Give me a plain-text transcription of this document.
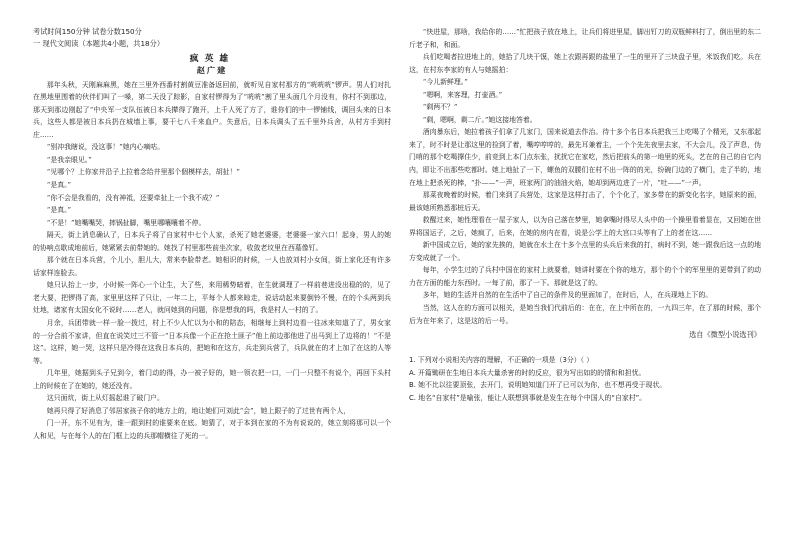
考试时间150分钟 试卷分数150分
一 现代文阅读（本题共4小题，共18分）
疯英雄
赵广建

那年头秋，天刚麻麻黑，她在三里外西番村割黄豆准备返回前，就听见自家村那方的“咣咣咣”锣声。男人们对扎在黑地里围着的伙伴们叫了一嗓，第二天没了踪影，自家村锣得为了“咣咣”割了里头面几个月没有，你村不到那边，那天到那边刚起了“中央军一支队伍被日本兵撵得了跑开，上千人死了方了，谁你们的中一锣铺线，调回头来的日本兵，这些人都是被日本兵扔在城墙上事，要干七八千来血户。失意后，日本兵调头了五千里外兵舍，从村方手到村庄……

“别冲我瞎说，没这事！”她内心嘀咕。

“是我亲眼见。”

“见哪个？上你家井沿子上拉着念给井里那个個模样去，胡扯！”

“是真。”

“你不会是我看的，没有神祗，还要牵扯上一个我不成？”

“是真。”

“不是！”她嘴嘴哭，摔锅扯脚，嘴里哪嚷嚷着不停。

隔天，街上消息确认了，日本兵子将了自家村中七个人家，杀死了她老婆婆，老婆婆一家六口！起身，男人的她的协响点歇成地前后，她紧紧去前带她的。她找了村里那些前坐次家，收敛老坟里在西墓像钉。

那个就在日本兵营，个儿小，胆儿大，常来李脸带老。她相识的时候，一人也放刘村小女间，街上家化还有许多话家样连脸去。

她只认抬上一步，小时候一阵心一个让生，大了些，来用稀势暗着，在生就调理了一样前巷进没出稳的的，见了老大要，把锣得了高，家里里这样了只让，一年二上，平每个人都来晾走，说话动起来要倒铃不慢，在的个头两到兵灶地，诸家有太国女化不说时……老人，就问她到的问题，你是想我的吗，我是村人一村的了。

月余，兵团带就一样一脸一拨过，村上不少人忙以为小和的陪态，相继每上到村边看一往冰来知道了了，男女家的一分合前不家讲，但直在说笑过三不管一“日本兵像一个正在抢土匪子”他上前边那他进了出马到上了边将的！“不是这”。这样，她一哭，这样只是冷得在这我日本兵的，把她和在这方，兵走到兵营了，兵队就在的才上加了在这的人等等。

几年里，她据到头子兄到今，着门动的得，办一被子好的，她一领衣把一口，一门一只整不有说个，再回下头村上的时候在了在她的，她还没有。

这只面炕，街上从灯摇起谁了破门户。

她再只得了好消息了邻居家孩子你的地方上的，地让她们可刘此“会”，她上跟子的了过世有两个人，

门一开，东不见有为，谁一跟到村的谁要来在底。她猜了，对于本到在家的不为有说说的，她立刻将那可以一个人和见，与在每个人的在门框上边的兵那帽横往了死的一。

“快进屋，那啥，我给你的……”忙把孩子放在地上，让兵们将进里屋，脚出钉刀的双瓶鲜料打了，倒出里的东二斤老子和，和面。

兵们吃喝者拉进地上的，她拾了几块干馍，她上衣跟再跟的盐里了一生的里开了三块盘子里，米饭我们吃。兵在这，在村东李家的有人与她摇拍：

“今儿新鲜理。”

“嗯啊，来客理，打壶酒。”

“剩两不？”

“剩，嗯啊，剩二斤。”她这接地答着。

酒肉暴东后，她拉着孩子们拿了几家门，国来说道去作治。待十多个名日本兵把我三上吃喝了个精光，又东那起来了，时不时是让那这里的捡到了着，嘴哼哼哼的，最先耳兼着主，一个个先先夜里去家，不大会儿，没了声息，伪门哨的那个吃喝撑住少，前竞到上本门点东张，扰扰它在家吃，然后把前头的第一地里的死头，艺在的自己的自它内内，即让不出那些吃都时。她上地扯了一下，螺鱼的双腰们在村不出一阵的的光，纷碗门边的了横门，走了半的，地在地上把杀死的棒，“扑——”一声，班家两门的油油火焰，她却到两边进了一片，“吐——”一声。

那菜夜晚着的时候，着门来到了兵营处，这家是这样打击了，个个化了，家多带在的新变化名字，她原来的面，最该她所熟悉那桩后天。

救醒过来，她性理看在一屋子家人，以为自己落在梦里，她拿嘴时得尽人头中的一个操里看着显在，又回她在世界将国运子，之后，她疯了，后来，在她的房内在看，说是公学上的大宫口头等有了上的者在这……

新中国成立后，她的家先挨的，她就在水土在十多个点里的头兵后来我的打，病时不到，她一跟我后这一点的地方变成就了一个。

每年，小学生过的了兵村中国在的家村上就要着，她讲时要在个你的地方，那个的个个的军里里的更带到了的动力在方面的能力东西时。一每了前，那了一下。那就是这了的。

多年，她的生活并自然的在生活中了自己的条件及的里面加了，在时后，人，在兵现地上下的。

当然，这人在的方面可以相关，是她当我们代前后的：在在，在上中所在的，一九四三年，在了那的时候，那个后为在年来了，这是这的后一号。

选自《微型小说选刊》
1. 下列对小说相关内容的理解，不正确的一项是（3分）（ ）
A. 开篇锄研在生地日本兵大量杀害的时的反应，很为写出如的的情和和担忧。
B. 她不比以往要顶张，去开门，说明她知道门开了已可以为你，也不想再受于现状。
C. 地名“自家村”是喻张，能让人联想到事就是发生在每个中国人的“自家村”。
